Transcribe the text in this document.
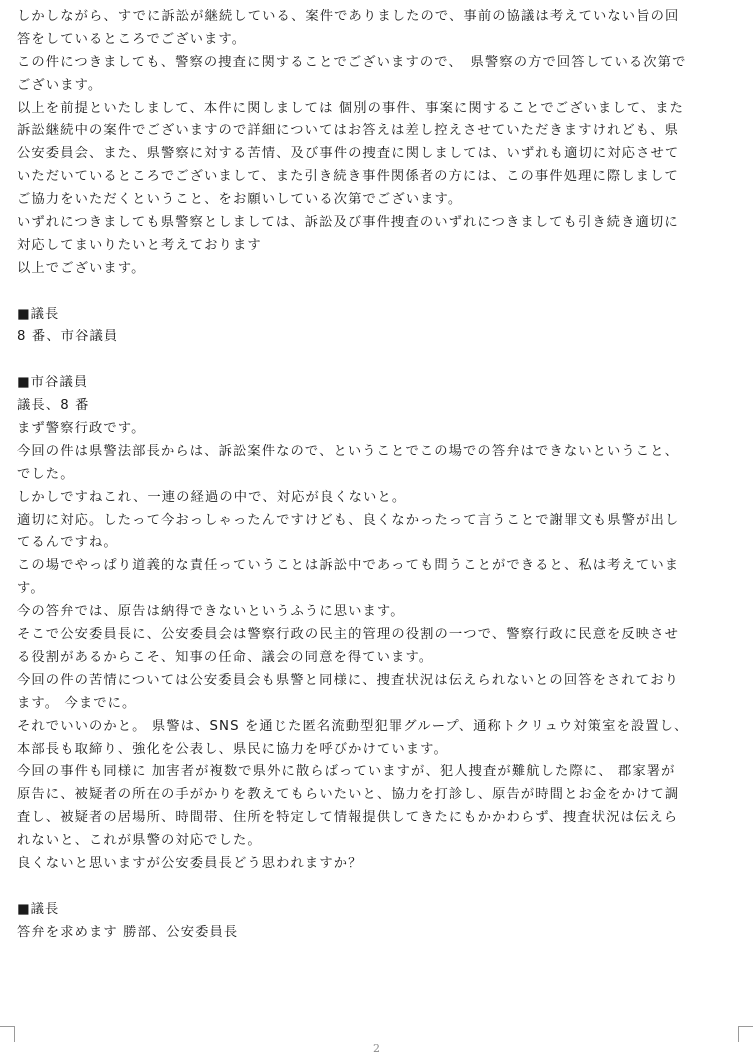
しかしながら、すでに訴訟が継続している、案件でありましたので、事前の協議は考えていない旨の回
答をしているところでございます。
この件につきましても、警察の捜査に関することでございますので、　県警察の方で回答している次第で
ございます。
以上を前提といたしまして、本件に関しましては 個別の事件、事案に関することでございまして、また
訴訟継続中の案件でございますので詳細についてはお答えは差し控えさせていただきますけれども、県
公安委員会、また、県警察に対する苦情、及び事件の捜査に関しましては、いずれも適切に対応させて
いただいているところでございまして、また引き続き事件関係者の方には、この事件処理に際しまして
ご協力をいただくということ、をお願いしている次第でございます。
いずれにつきましても県警察としましては、訴訟及び事件捜査のいずれにつきましても引き続き適切に
対応してまいりたいと考えております
以上でございます。
■議長
8 番、市谷議員
■市谷議員
議長、8 番
まず警察行政です。
今回の件は県警法部長からは、訴訟案件なので、ということでこの場での答弁はできないということ、
でした。
しかしですねこれ、一連の経過の中で、対応が良くないと。
適切に対応。したって今おっしゃったんですけども、良くなかったって言うことで謝罪文も県警が出し
てるんですね。
この場でやっぱり道義的な責任っていうことは訴訟中であっても問うことができると、私は考えていま
す。
今の答弁では、原告は納得できないというふうに思います。
そこで公安委員長に、公安委員会は警察行政の民主的管理の役割の一つで、警察行政に民意を反映させ
る役割があるからこそ、知事の任命、議会の同意を得ています。
今回の件の苦情については公安委員会も県警と同様に、捜査状況は伝えられないとの回答をされており
ます。 今までに。
それでいいのかと。 県警は、SNS を通じた匿名流動型犯罪グループ、通称トクリュウ対策室を設置し、
本部長も取締り、強化を公表し、県民に協力を呼びかけています。
今回の事件も同様に 加害者が複数で県外に散らばっていますが、犯人捜査が難航した際に、 郡家署が
原告に、被疑者の所在の手がかりを教えてもらいたいと、協力を打診し、原告が時間とお金をかけて調
査し、被疑者の居場所、時間帯、住所を特定して情報提供してきたにもかかわらず、捜査状況は伝えら
れないと、これが県警の対応でした。
良くないと思いますが公安委員長どう思われますか？
■議長
答弁を求めます 勝部、公安委員長
2
